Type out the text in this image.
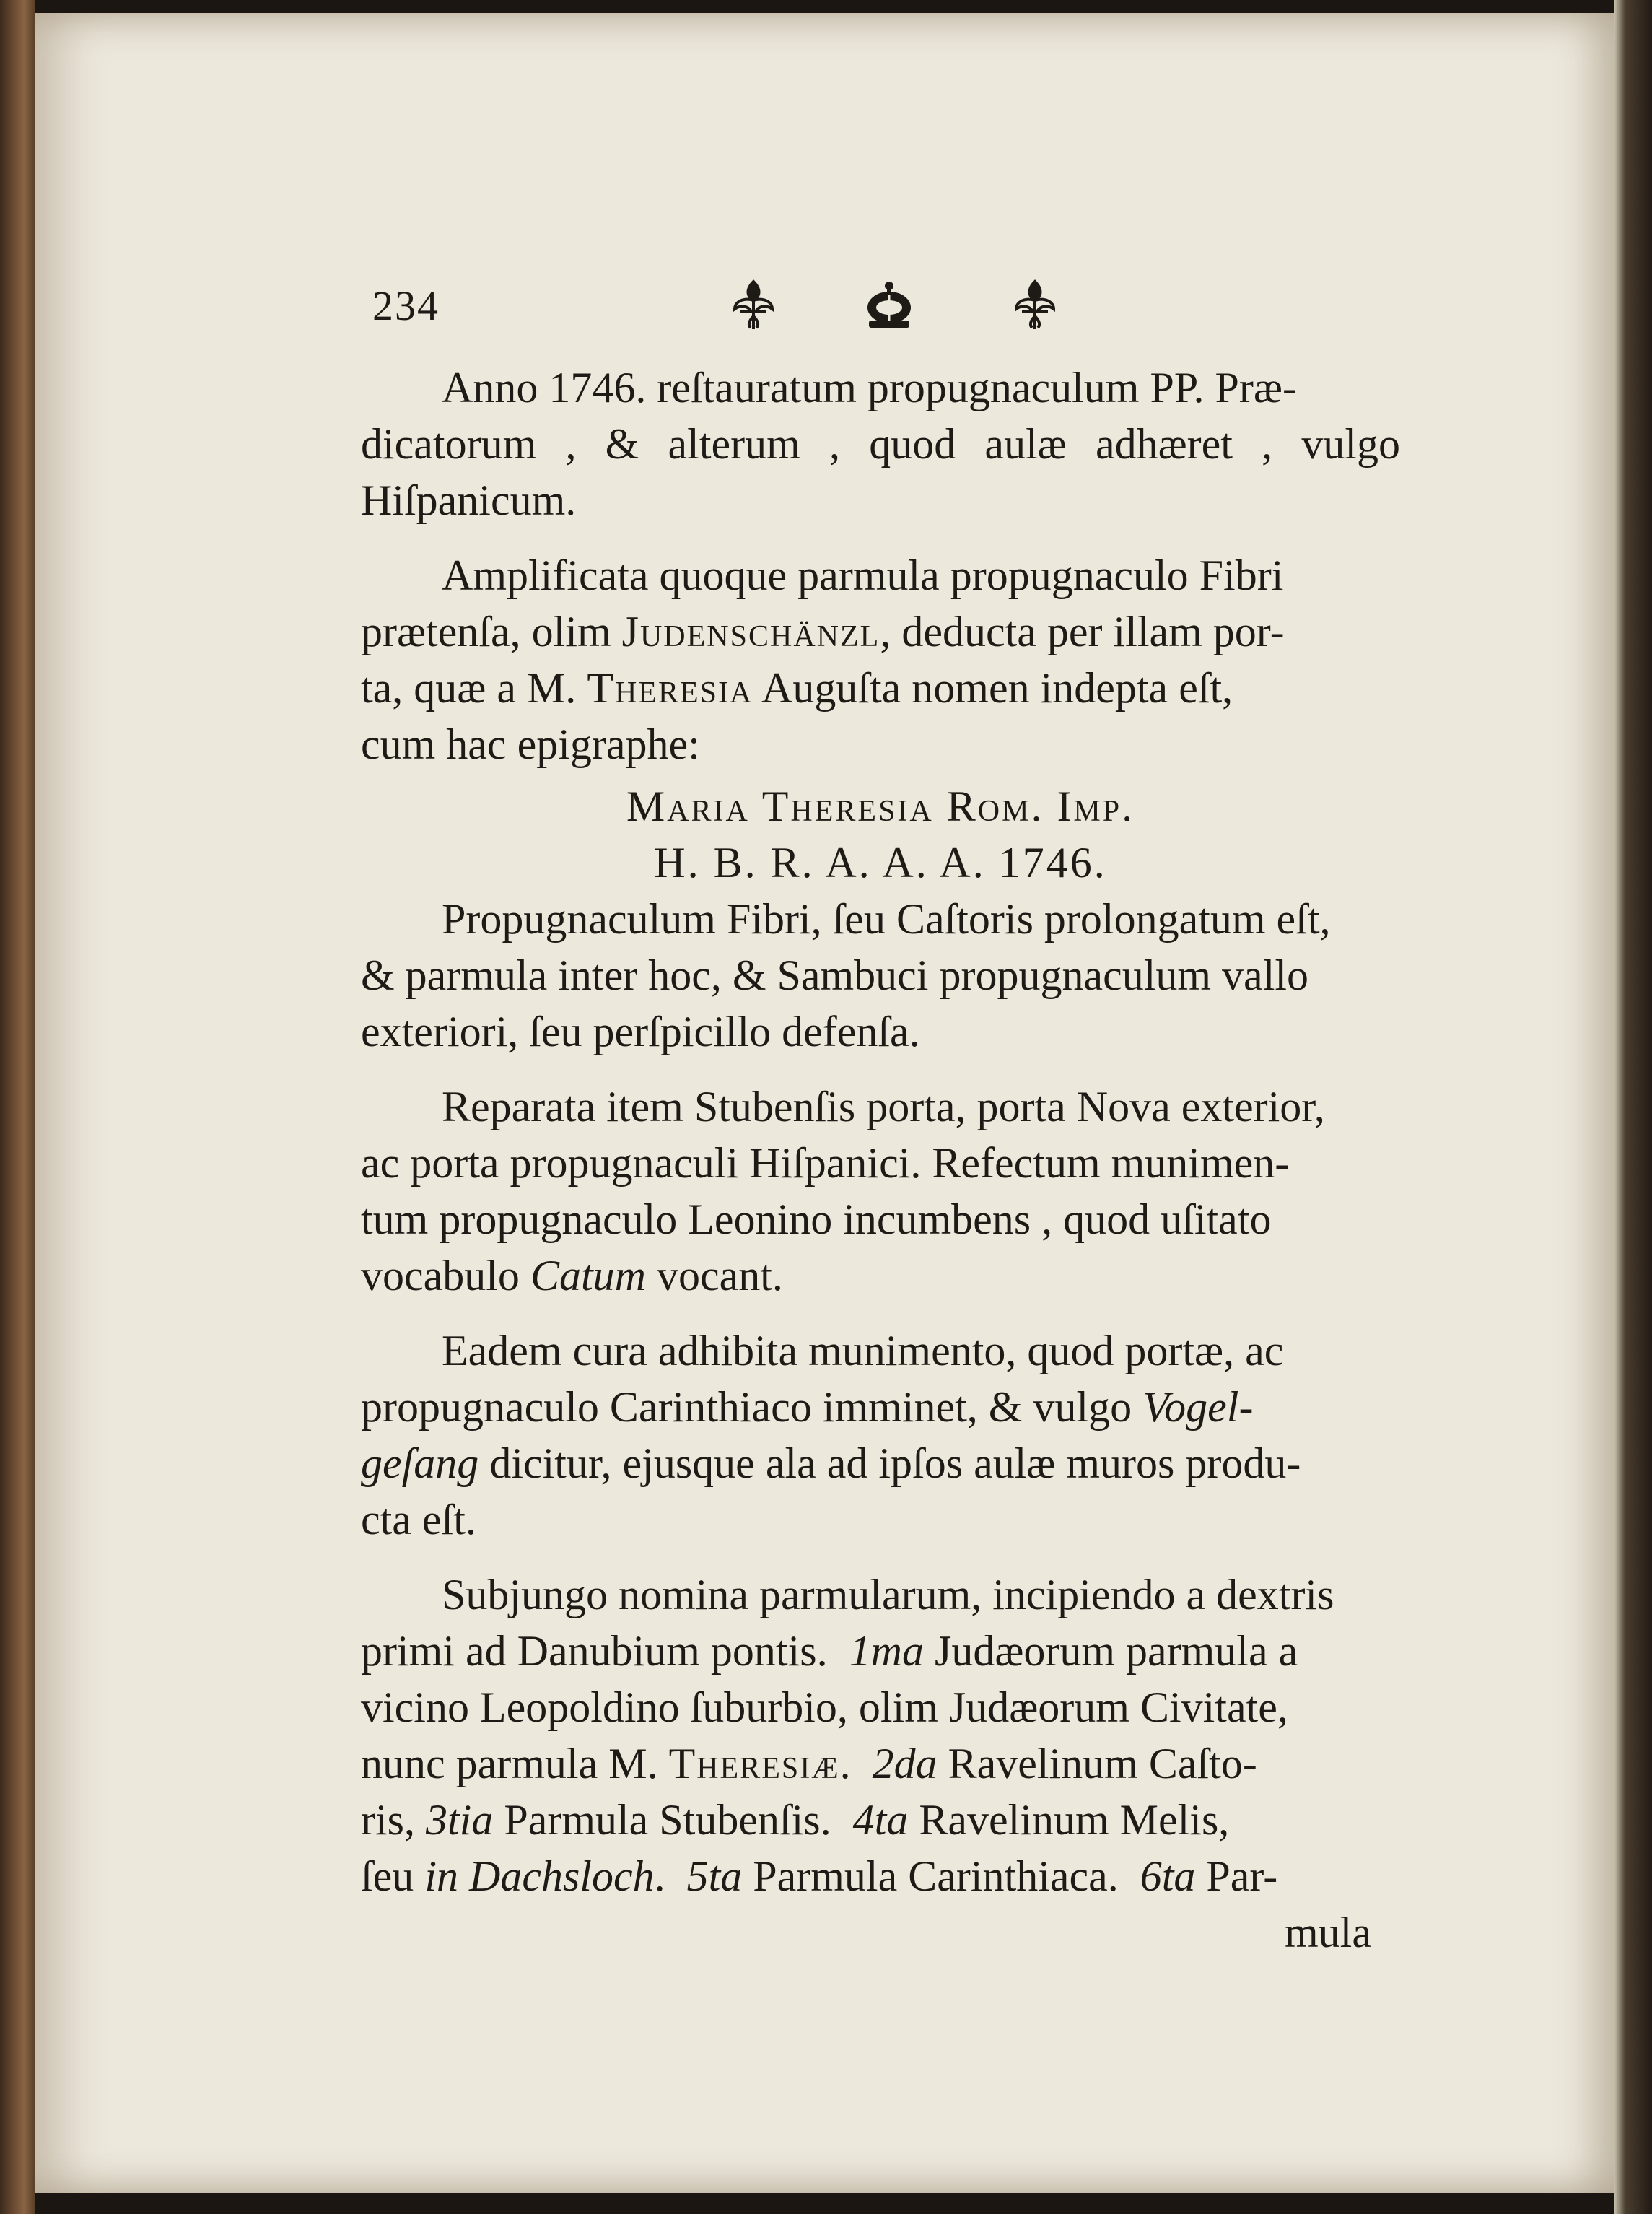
234
Anno 1746. reſtauratum propugnaculum PP. Præ-
dicatorum , & alterum , quod aulæ adhæret , vulgo
Hiſpanicum.
Amplificata quoque parmula propugnaculo Fibri
prætenſa, olim Judenschänzl, deducta per illam por-
ta, quæ a M. Theresia Auguſta nomen indepta eſt,
cum hac epigraphe:
Maria Theresia Rom. Imp.
H. B. R. A. A. A. 1746.
Propugnaculum Fibri, ſeu Caſtoris prolongatum eſt,
& parmula inter hoc, & Sambuci propugnaculum vallo
exteriori, ſeu perſpicillo defenſa.
Reparata item Stubenſis porta, porta Nova exterior,
ac porta propugnaculi Hiſpanici. Refectum munimen-
tum propugnaculo Leonino incumbens , quod uſitato
vocabulo Catum vocant.
Eadem cura adhibita munimento, quod portæ, ac
propugnaculo Carinthiaco imminet, & vulgo Vogel-
geſang dicitur, ejusque ala ad ipſos aulæ muros produ-
cta eſt.
Subjungo nomina parmularum, incipiendo a dextris
primi ad Danubium pontis.  1ma Judæorum parmula a
vicino Leopoldino ſuburbio, olim Judæorum Civitate,
nunc parmula M. Theresiæ.  2da Ravelinum Caſto-
ris, 3tia Parmula Stubenſis.  4ta Ravelinum Melis,
ſeu in Dachsloch.  5ta Parmula Carinthiaca.  6ta Par-
mula
